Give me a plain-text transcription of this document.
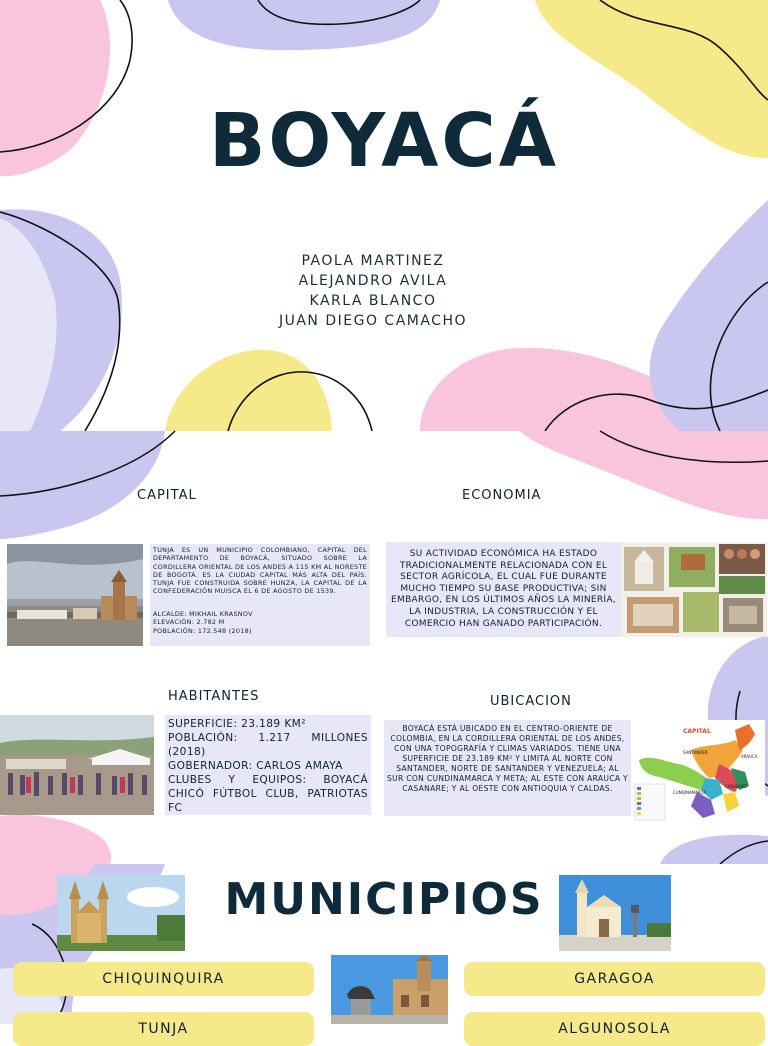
BOYACÁ
PAOLA MARTINEZ
ALEJANDRO AVILA
KARLA BLANCO
JUAN DIEGO CAMACHO
CAPITAL
TUNJA ES UN MUNICIPIO COLOMBIANO, CAPITAL DEL DEPARTAMENTO DE BOYACÁ, SITUADO SOBRE LA CORDILLERA ORIENTAL DE LOS ANDES A 115 KM AL NORESTE DE BOGOTÁ. ES LA CIUDAD CAPITAL MÁS ALTA DEL PAÍS. TUNJA FUE CONSTRUIDA SOBRE HUNZA, LA CAPITAL DE LA CONFEDERACIÓN MUISCA EL 6 DE AGOSTO DE 1539.
ALCALDE: MIKHAIL KRASNOV
ELEVACIÓN: 2.782 M
POBLACIÓN: 172.548 (2018)
ECONOMIA
SU ACTIVIDAD ECONÓMICA HA ESTADO TRADICIONALMENTE RELACIONADA CON EL SECTOR AGRÍCOLA, EL CUAL FUE DURANTE MUCHO TIEMPO SU BASE PRODUCTIVA; SIN EMBARGO, EN LOS ÚLTIMOS AÑOS LA MINERÍA, LA INDUSTRIA, LA CONSTRUCCIÓN Y EL COMERCIO HAN GANADO PARTICIPACIÓN.
HABITANTES
SUPERFICIE: 23.189 KM²
POBLACIÓN: 1.217 MILLONES (2018)
GOBERNADOR: CARLOS AMAYA
CLUBES Y EQUIPOS: BOYACÁ CHICÓ FÚTBOL CLUB, PATRIOTAS FC
UBICACION
BOYACÁ ESTÁ UBICADO EN EL CENTRO-ORIENTE DE COLOMBIA, EN LA CORDILLERA ORIENTAL DE LOS ANDES, CON UNA TOPOGRAFÍA Y CLIMAS VARIADOS. TIENE UNA SUPERFICIE DE 23.189 KM² Y LIMITA AL NORTE CON SANTANDER, NORTE DE SANTANDER Y VENEZUELA; AL SUR CON CUNDINAMARCA Y META; AL ESTE CON ARAUCA Y CASANARE; Y AL OESTE CON ANTIOQUIA Y CALDAS.
CAPITAL
SANTANDER
ARAUCA
CASANARE
CUNDINAMARCA
MUNICIPIOS
CHIQUINQUIRA	GARAGOA
TUNJA	ALGUNOSOLA
